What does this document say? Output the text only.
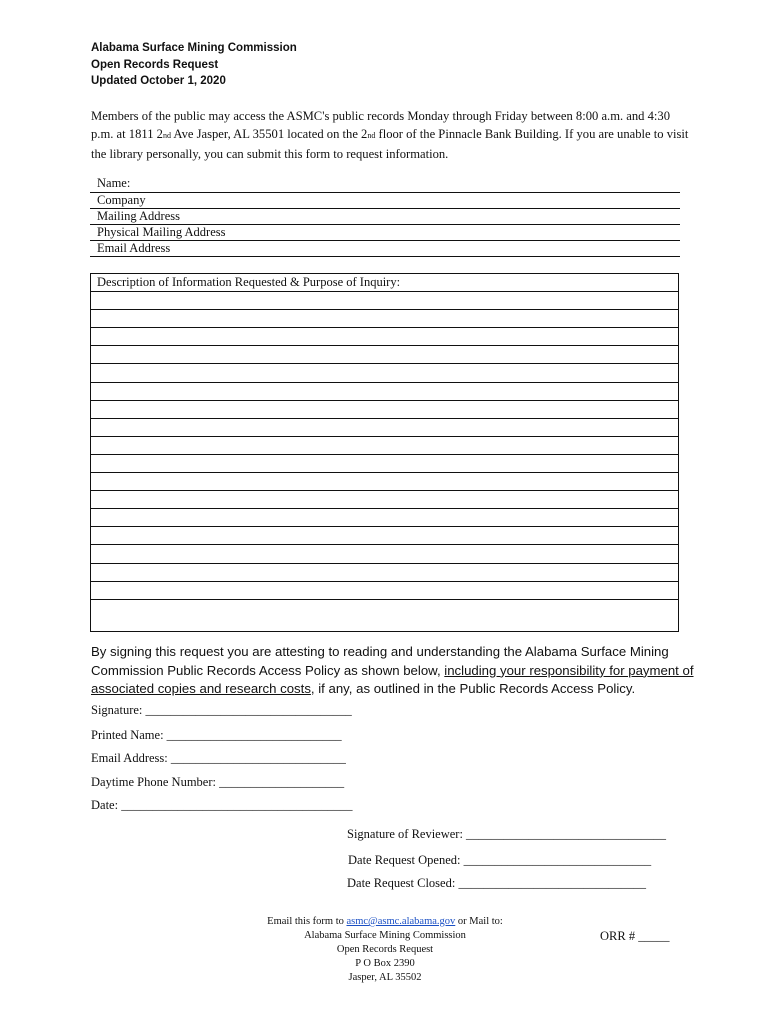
Alabama Surface Mining Commission
Open Records Request
Updated October 1, 2020
Members of the public may access the ASMC's public records Monday through Friday between 8:00 a.m. and 4:30 p.m. at 1811 2nd Ave Jasper, AL 35501 located on the 2nd floor of the Pinnacle Bank Building. If you are unable to visit the library personally, you can submit this form to request information.
Name:
Company
Mailing Address
Physical Mailing Address
Email Address
Description of Information Requested & Purpose of Inquiry:
By signing this request you are attesting to reading and understanding the Alabama Surface Mining Commission Public Records Access Policy as shown below, including your responsibility for payment of associated copies and research costs, if any, as outlined in the Public Records Access Policy.
Signature: _________________________________
Printed Name: ____________________________
Email Address: ____________________________
Daytime Phone Number: ____________________
Date: _____________________________________
Signature of Reviewer: ________________________________
Date Request Opened: ______________________________
Date Request Closed: ______________________________
Email this form to asmc@asmc.alabama.gov or Mail to:
Alabama Surface Mining Commission
Open Records Request
P O Box 2390
Jasper, AL 35502
ORR # _____
